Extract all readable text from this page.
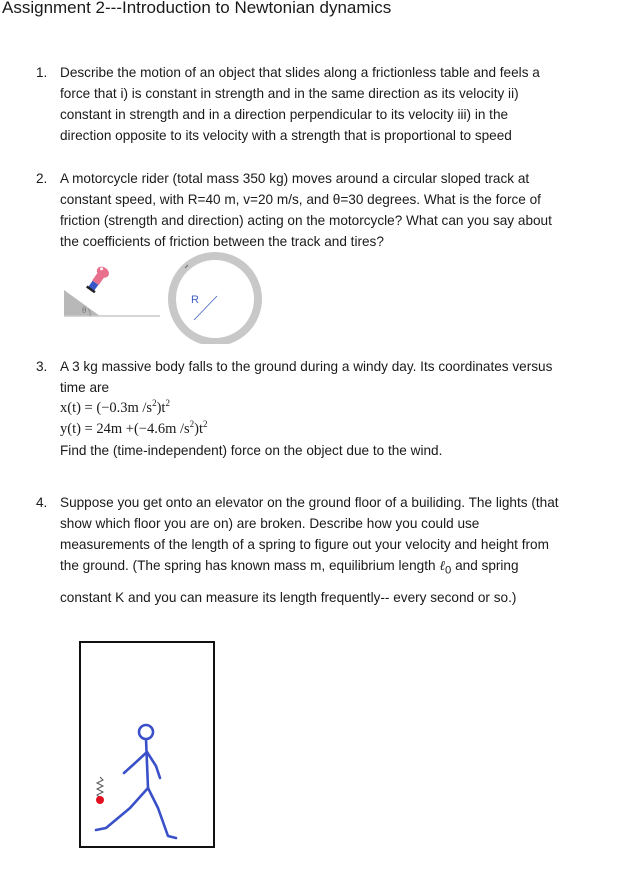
Assignment 2---Introduction to Newtonian dynamics
1. Describe the motion of an object that slides along a frictionless table and feels a
force that i) is constant in strength and in the same direction as its velocity ii)
constant in strength and in a direction perpendicular to its velocity iii) in the
direction opposite to its velocity with a strength that is proportional to speed
2. A motorcycle rider (total mass 350 kg) moves around a circular sloped track at
constant speed, with R=40 m, v=20 m/s, and θ=30 degrees. What is the force of
friction (strength and direction) acting on the motorcycle? What can you say about
the coefficients of friction between the track and tires?
θ
R
3. A 3 kg massive body falls to the ground during a windy day. Its coordinates versus
time are
x(t) = (−0.3m $/s^2)t^2$
y(t) = 24m +(−4.6m $/s^2)t^2$
Find the (time-independent) force on the object due to the wind.
4. Suppose you get onto an elevator on the ground floor of a builiding. The lights (that
show which floor you are on) are broken. Describe how you could use
measurements of the length of a spring to figure out your velocity and height from
the ground. (The spring has known mass m, equilibrium length ℓ$_0$ and spring
constant K and you can measure its length frequently-- every second or so.)
